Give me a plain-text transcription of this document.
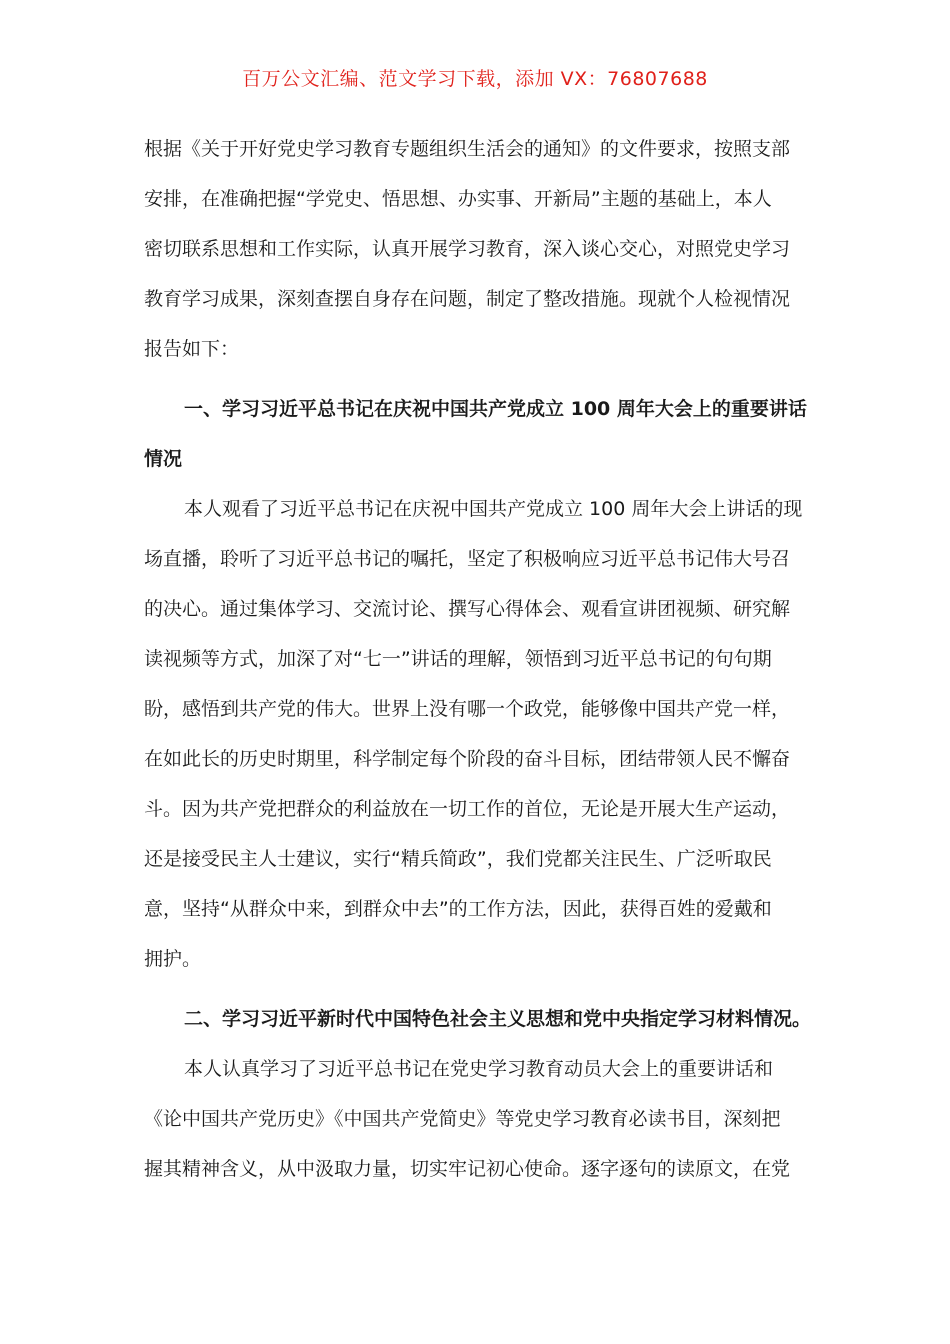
百万公文汇编、范文学习下载，添加 VX：76807688

根据《关于开好党史学习教育专题组织生活会的通知》的文件要求，按照支部
安排，在准确把握“学党史、悟思想、办实事、开新局”主题的基础上，本人
密切联系思想和工作实际，认真开展学习教育，深入谈心交心，对照党史学习
教育学习成果，深刻查摆自身存在问题，制定了整改措施。现就个人检视情况
报告如下：

一、学习习近平总书记在庆祝中国共产党成立 100 周年大会上的重要讲话
情况

本人观看了习近平总书记在庆祝中国共产党成立 100 周年大会上讲话的现
场直播，聆听了习近平总书记的嘱托，坚定了积极响应习近平总书记伟大号召
的决心。通过集体学习、交流讨论、撰写心得体会、观看宣讲团视频、研究解
读视频等方式，加深了对“七一”讲话的理解，领悟到习近平总书记的句句期
盼，感悟到共产党的伟大。世界上没有哪一个政党，能够像中国共产党一样，
在如此长的历史时期里，科学制定每个阶段的奋斗目标，团结带领人民不懈奋
斗。因为共产党把群众的利益放在一切工作的首位，无论是开展大生产运动，
还是接受民主人士建议，实行“精兵简政”，我们党都关注民生、广泛听取民
意，坚持“从群众中来，到群众中去”的工作方法，因此，获得百姓的爱戴和
拥护。

二、学习习近平新时代中国特色社会主义思想和党中央指定学习材料情况。

本人认真学习了习近平总书记在党史学习教育动员大会上的重要讲话和
《论中国共产党历史》《中国共产党简史》等党史学习教育必读书目，深刻把
握其精神含义，从中汲取力量，切实牢记初心使命。逐字逐句的读原文，在党
